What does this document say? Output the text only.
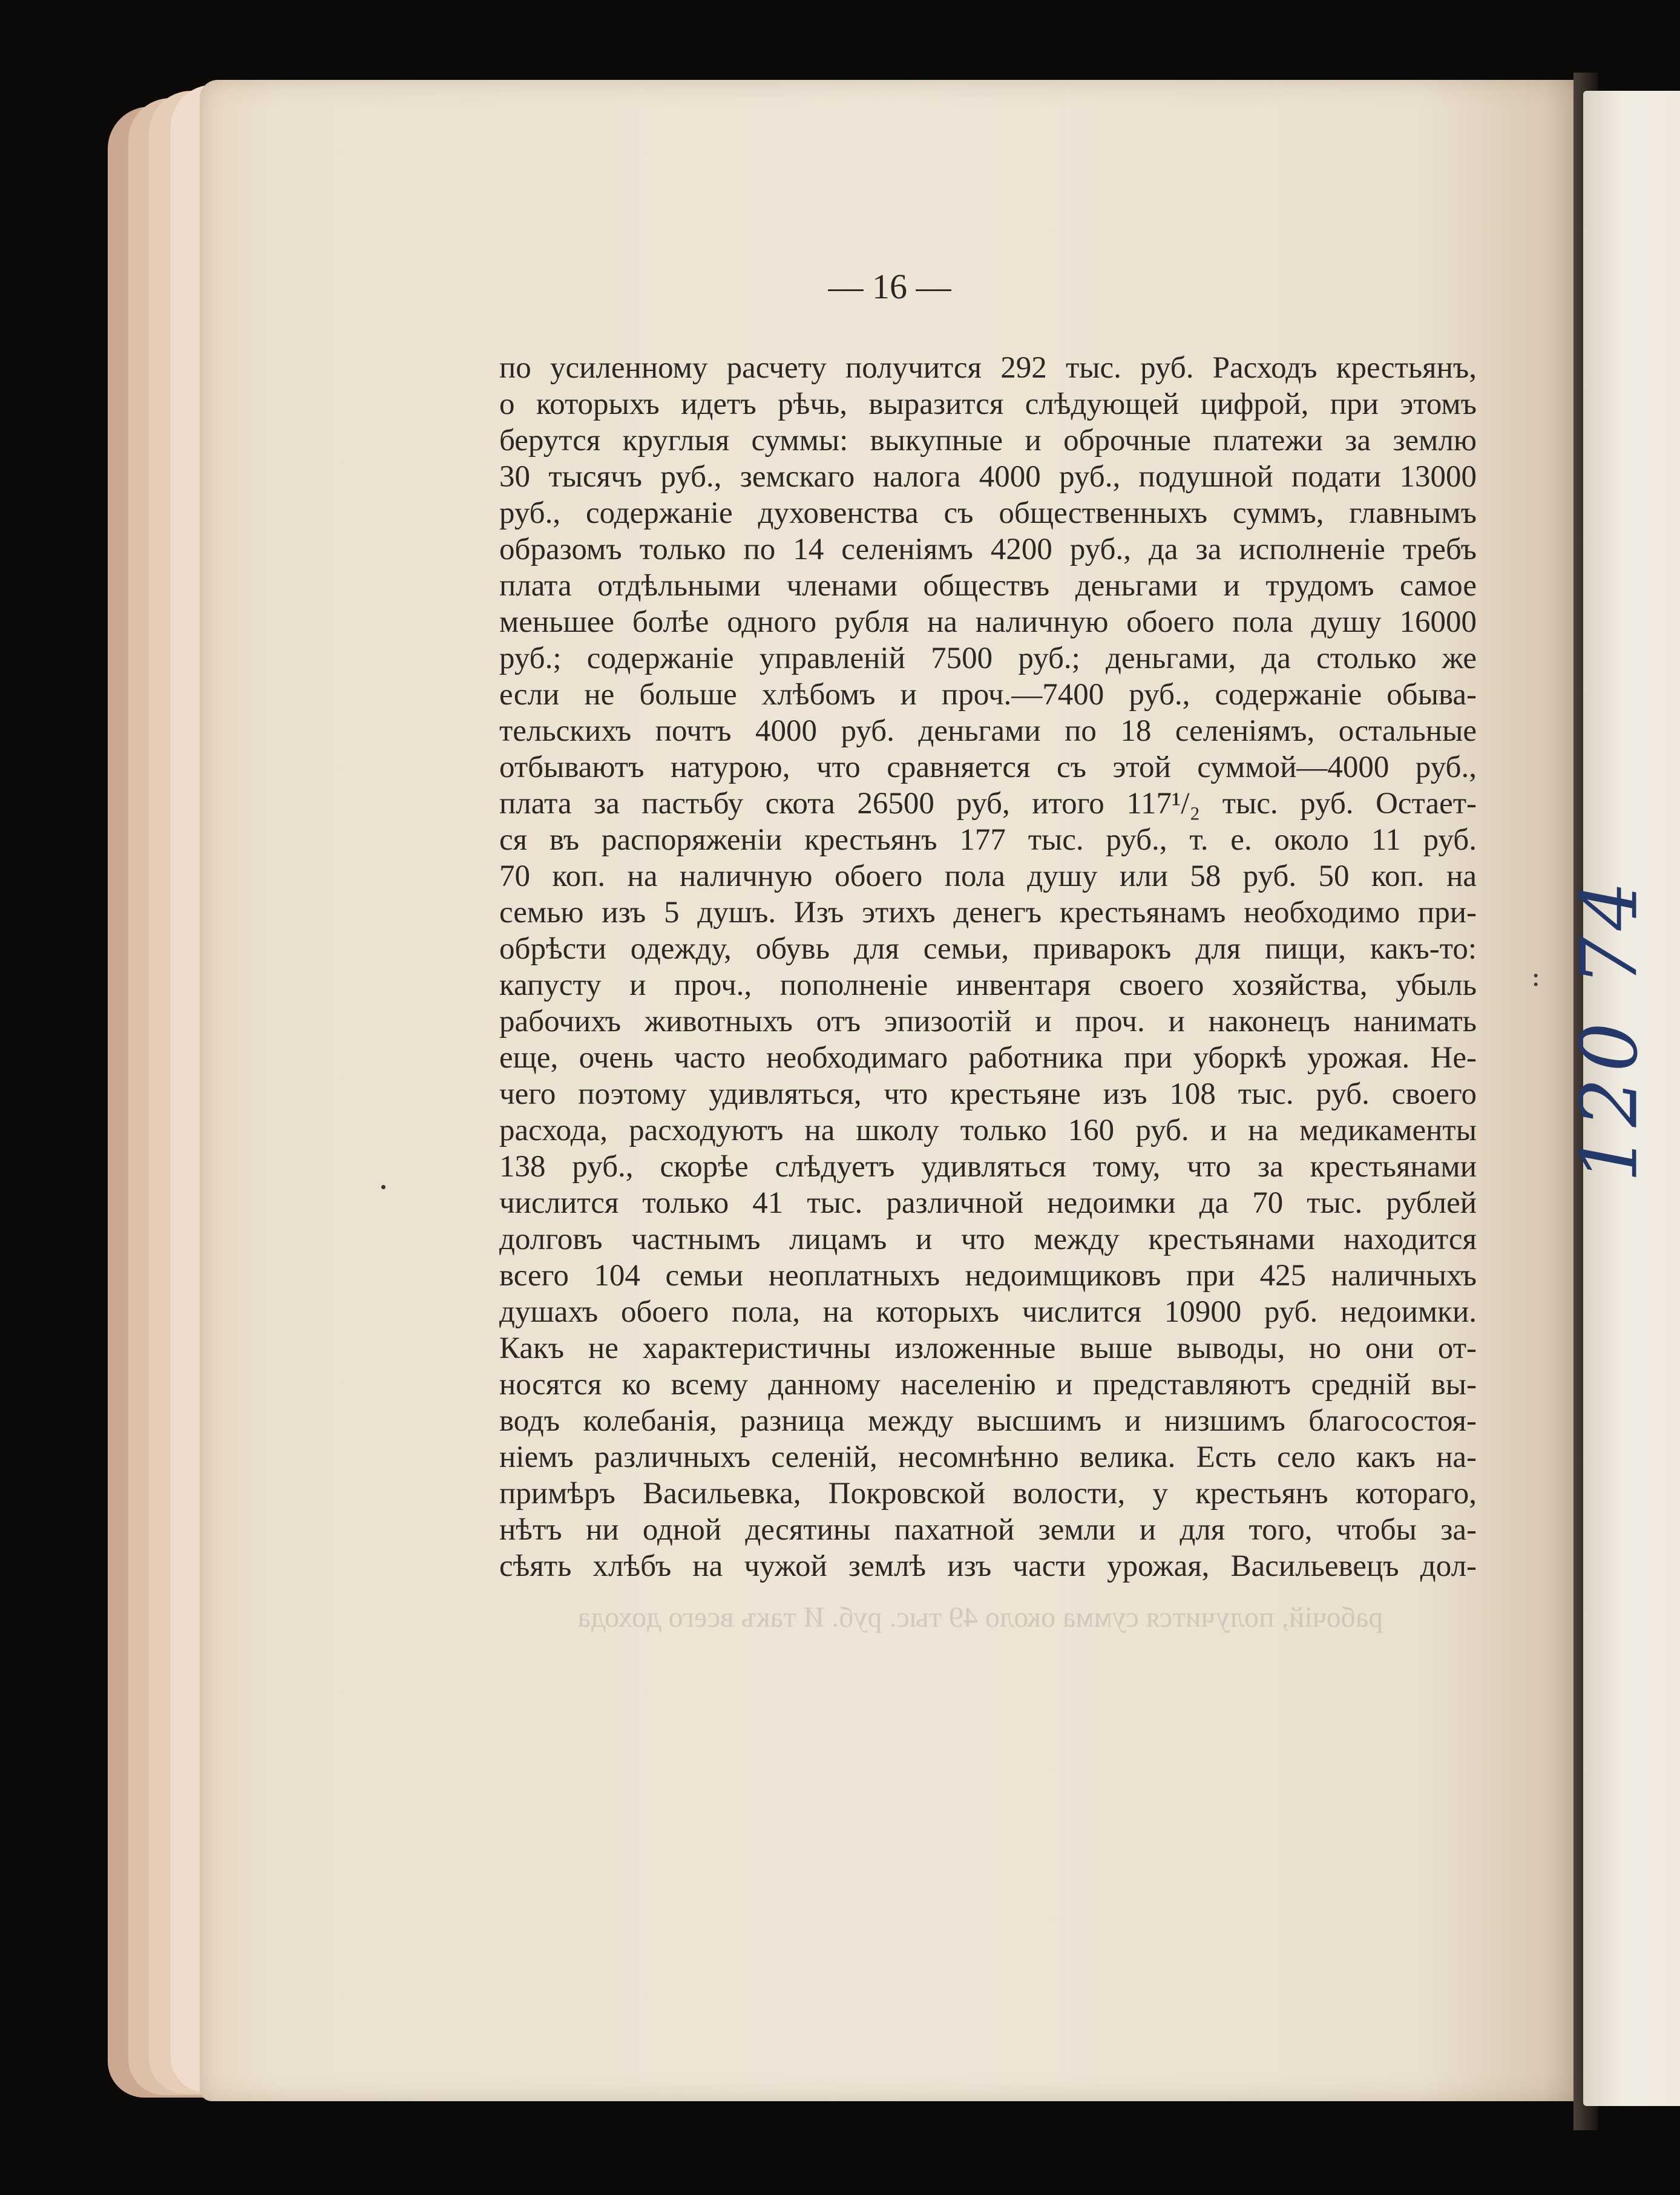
120 74
:
— 16 —
по усиленному расчету получится 292 тыс. руб. Расходъ крестьянъ,
о которыхъ идетъ рѣчь, выразится слѣдующей цифрой, при этомъ
берутся круглыя суммы: выкупные и оброчные платежи за землю
30 тысячъ руб., земскаго налога 4000 руб., подушной подати 13000
руб., содержаніе духовенства съ общественныхъ суммъ, главнымъ
образомъ только по 14 селеніямъ 4200 руб., да за исполненіе требъ
плата отдѣльными членами обществъ деньгами и трудомъ самое
меньшее болѣе одного рубля на наличную обоего пола душу 16000
руб.; содержаніе управленій 7500 руб.; деньгами, да столько же
если не больше хлѣбомъ и проч.—7400 руб., содержаніе обыва-
тельскихъ почтъ 4000 руб. деньгами по 18 селеніямъ, остальные
отбываютъ натурою, что сравняется съ этой суммой—4000 руб.,
плата за пастьбу скота 26500 руб, итого 117¹/₂ тыс. руб. Остает-
ся въ распоряженіи крестьянъ 177 тыс. руб., т. е. около 11 руб.
70 коп. на наличную обоего пола душу или 58 руб. 50 коп. на
семью изъ 5 душъ. Изъ этихъ денегъ крестьянамъ необходимо при-
обрѣсти одежду, обувь для семьи, приварокъ для пищи, какъ-то:
капусту и проч., пополненіе инвентаря своего хозяйства, убыль
рабочихъ животныхъ отъ эпизоотій и проч. и наконецъ нанимать
еще, очень часто необходимаго работника при уборкѣ урожая. Не-
чего поэтому удивляться, что крестьяне изъ 108 тыс. руб. своего
расхода, расходуютъ на школу только 160 руб. и на медикаменты
138 руб., скорѣе слѣдуетъ удивляться тому, что за крестьянами
числится только 41 тыс. различной недоимки да 70 тыс. рублей
долговъ частнымъ лицамъ и что между крестьянами находится
всего 104 семьи неоплатныхъ недоимщиковъ при 425 наличныхъ
душахъ обоего пола, на которыхъ числится 10900 руб. недоимки.
Какъ не характеристичны изложенные выше выводы, но они от-
носятся ко всему данному населенію и представляютъ средній вы-
водъ колебанія, разница между высшимъ и низшимъ благосостоя-
ніемъ различныхъ селеній, несомнѣнно велика. Есть село какъ на-
примѣръ Васильевка, Покровской волости, у крестьянъ котораго,
нѣтъ ни одной десятины пахатной земли и для того, чтобы за-
сѣять хлѣбъ на чужой землѣ изъ части урожая, Васильевецъ дол-
рабочій, получится сумма около 49 тыс. руб. И такъ всего дохода
